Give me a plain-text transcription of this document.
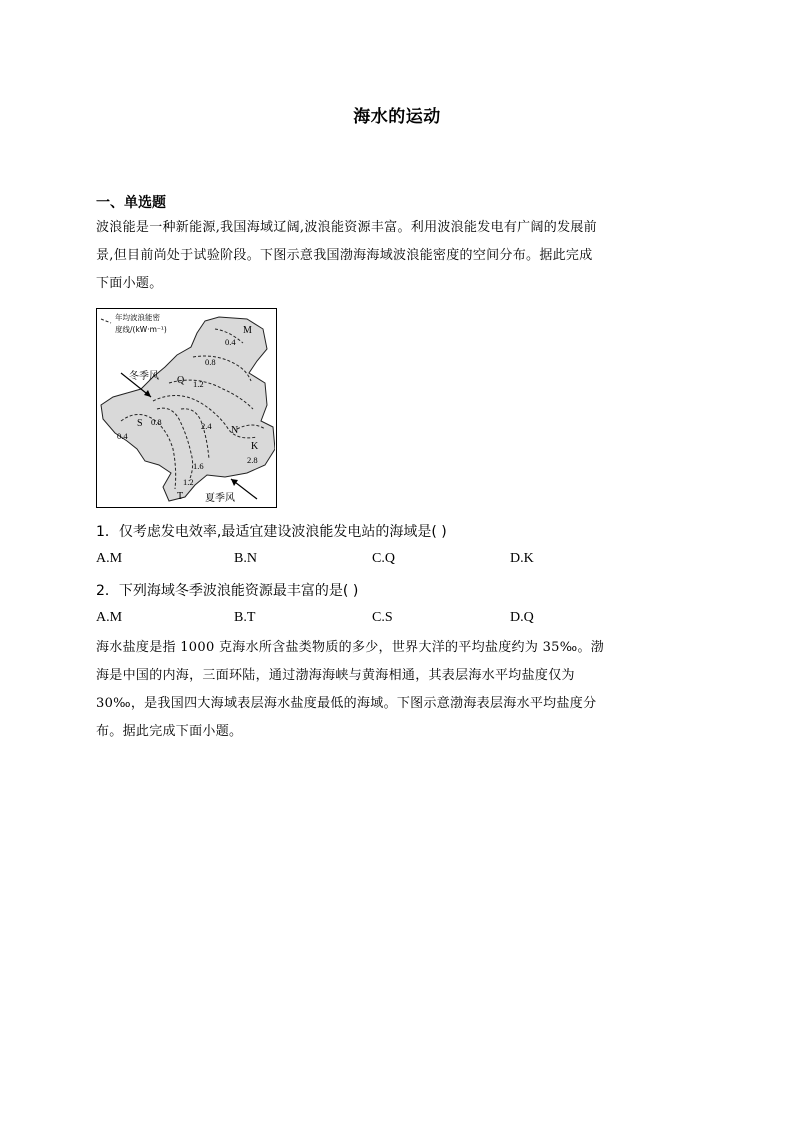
海水的运动
一、单选题
波浪能是一种新能源,我国海域辽阔,波浪能资源丰富。利用波浪能发电有广阔的发展前
景,但目前尚处于试验阶段。下图示意我国渤海海域波浪能密度的空间分布。据此完成
下面小题。
年均波浪能密
度线/(kW·m⁻¹)
冬季风
夏季风
M
Q
S
N
K
T
0.4
0.8
1.2
0.8
0.4
2.4
2.8
1.6
1.2
1．仅考虑发电效率,最适宜建设波浪能发电站的海域是( )
A.M	B.N	C.Q	D.K
2．下列海域冬季波浪能资源最丰富的是( )
A.M	B.T	C.S	D.Q
海水盐度是指 1000 克海水所含盐类物质的多少，世界大洋的平均盐度约为 35‰。渤
海是中国的内海，三面环陆，通过渤海海峡与黄海相通，其表层海水平均盐度仅为
30‰，是我国四大海域表层海水盐度最低的海域。下图示意渤海表层海水平均盐度分
布。据此完成下面小题。
